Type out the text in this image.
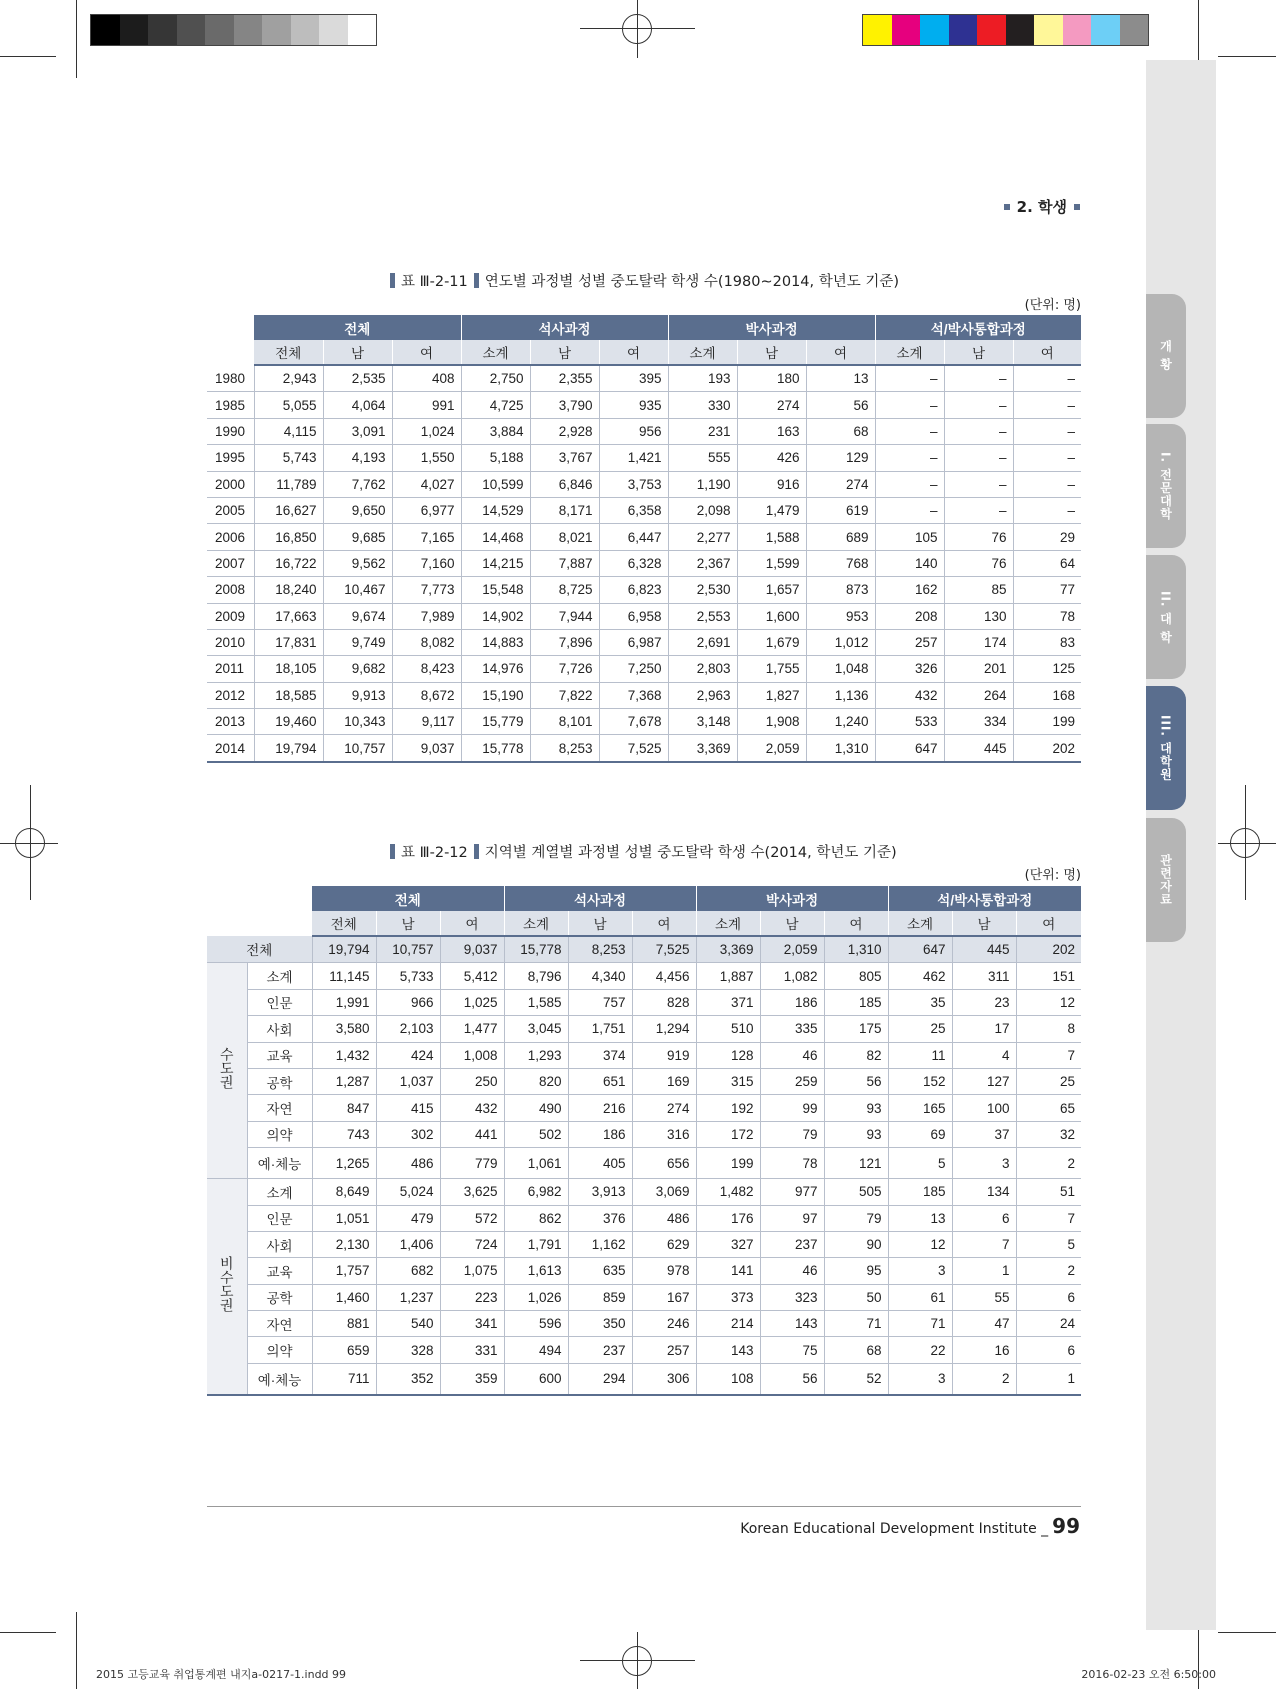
개 황
I. 전문대학
II. 대 학
III. 대학원
관련자료
2. 학생
표 Ⅲ-2-11 연도별 과정별 성별 중도탈락 학생 수(1980∼2014, 학년도 기준)
(단위: 명)
	전체			석사과정			박사과정			석/박사통합과정		
	전체	남	여	소계	남	여	소계	남	여	소계	남	여
1980	2,943	2,535	408	2,750	2,355	395	193	180	13	–	–	–
1985	5,055	4,064	991	4,725	3,790	935	330	274	56	–	–	–
1990	4,115	3,091	1,024	3,884	2,928	956	231	163	68	–	–	–
1995	5,743	4,193	1,550	5,188	3,767	1,421	555	426	129	–	–	–
2000	11,789	7,762	4,027	10,599	6,846	3,753	1,190	916	274	–	–	–
2005	16,627	9,650	6,977	14,529	8,171	6,358	2,098	1,479	619	–	–	–
2006	16,850	9,685	7,165	14,468	8,021	6,447	2,277	1,588	689	105	76	29
2007	16,722	9,562	7,160	14,215	7,887	6,328	2,367	1,599	768	140	76	64
2008	18,240	10,467	7,773	15,548	8,725	6,823	2,530	1,657	873	162	85	77
2009	17,663	9,674	7,989	14,902	7,944	6,958	2,553	1,600	953	208	130	78
2010	17,831	9,749	8,082	14,883	7,896	6,987	2,691	1,679	1,012	257	174	83
2011	18,105	9,682	8,423	14,976	7,726	7,250	2,803	1,755	1,048	326	201	125
2012	18,585	9,913	8,672	15,190	7,822	7,368	2,963	1,827	1,136	432	264	168
2013	19,460	10,343	9,117	15,779	8,101	7,678	3,148	1,908	1,240	533	334	199
2014	19,794	10,757	9,037	15,778	8,253	7,525	3,369	2,059	1,310	647	445	202
표 Ⅲ-2-12 지역별 계열별 과정별 성별 중도탈락 학생 수(2014, 학년도 기준)
(단위: 명)
		전체			석사과정			박사과정			석/박사통합과정		
		전체	남	여	소계	남	여	소계	남	여	소계	남	여
전체		19,794	10,757	9,037	15,778	8,253	7,525	3,369	2,059	1,310	647	445	202
수도권	소계	11,145	5,733	5,412	8,796	4,340	4,456	1,887	1,082	805	462	311	151
	인문	1,991	966	1,025	1,585	757	828	371	186	185	35	23	12
	사회	3,580	2,103	1,477	3,045	1,751	1,294	510	335	175	25	17	8
	교육	1,432	424	1,008	1,293	374	919	128	46	82	11	4	7
	공학	1,287	1,037	250	820	651	169	315	259	56	152	127	25
	자연	847	415	432	490	216	274	192	99	93	165	100	65
	의약	743	302	441	502	186	316	172	79	93	69	37	32
	예·체능	1,265	486	779	1,061	405	656	199	78	121	5	3	2
비수도권	소계	8,649	5,024	3,625	6,982	3,913	3,069	1,482	977	505	185	134	51
	인문	1,051	479	572	862	376	486	176	97	79	13	6	7
	사회	2,130	1,406	724	1,791	1,162	629	327	237	90	12	7	5
	교육	1,757	682	1,075	1,613	635	978	141	46	95	3	1	2
	공학	1,460	1,237	223	1,026	859	167	373	323	50	61	55	6
	자연	881	540	341	596	350	246	214	143	71	71	47	24
	의약	659	328	331	494	237	257	143	75	68	22	16	6
	예·체능	711	352	359	600	294	306	108	56	52	3	2	1
Korean Educational Development Institute _ 99
2015 고등교육 취업통계편 내지a-0217-1.indd 99	2016-02-23 오전 6:50:00
